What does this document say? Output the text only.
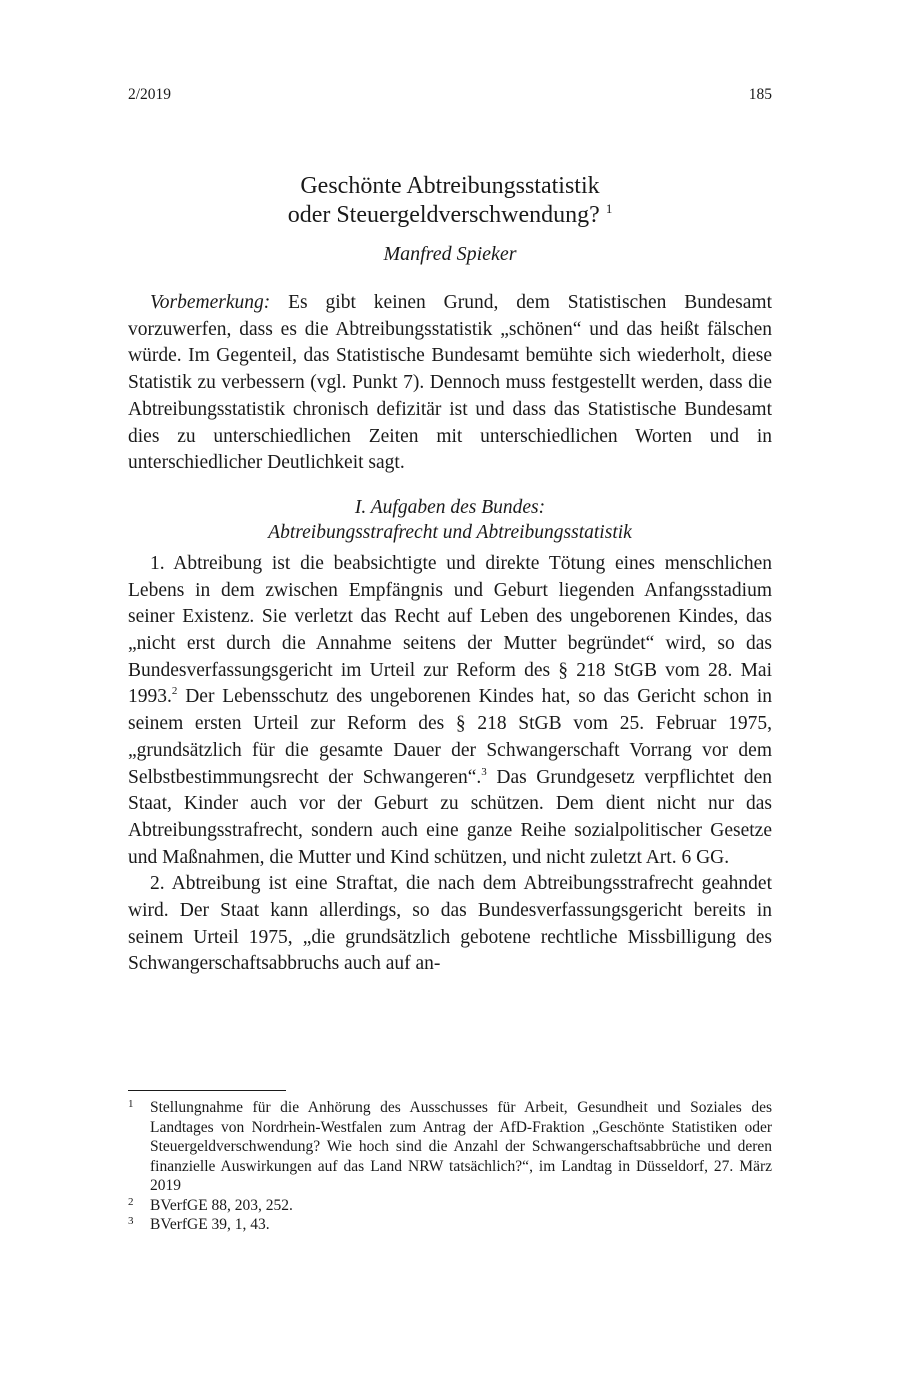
2/2019	185
Geschönte Abtreibungsstatistik
oder Steuergeldverschwendung? $^1$
Manfred Spieker

Vorbemerkung: Es gibt keinen Grund, dem Statistischen Bundesamt vorzuwerfen, dass es die Abtreibungsstatistik „schönen“ und das heißt fälschen würde. Im Gegenteil, das Statistische Bundesamt bemühte sich wiederholt, diese Statistik zu verbessern (vgl. Punkt 7). Dennoch muss festgestellt werden, dass die Abtreibungsstatistik chronisch defizitär ist und dass das Statistische Bundesamt dies zu unterschiedlichen Zeiten mit unterschiedlichen Worten und in unterschiedlicher Deutlichkeit sagt.

I. Aufgaben des Bundes:
Abtreibungsstrafrecht und Abtreibungsstatistik

1. Abtreibung ist die beabsichtigte und direkte Tötung eines menschlichen Lebens in dem zwischen Empfängnis und Geburt liegenden Anfangsstadium seiner Existenz. Sie verletzt das Recht auf Leben des ungeborenen Kindes, das „nicht erst durch die Annahme seitens der Mutter begründet“ wird, so das Bundesverfassungsgericht im Urteil zur Reform des § 218 StGB vom 28. Mai 1993.$^2$ Der Lebensschutz des ungeborenen Kindes hat, so das Gericht schon in seinem ersten Urteil zur Reform des § 218 StGB vom 25. Februar 1975, „grundsätzlich für die gesamte Dauer der Schwangerschaft Vorrang vor dem Selbstbestimmungsrecht der Schwangeren“.$^3$ Das Grundgesetz verpflichtet den Staat, Kinder auch vor der Geburt zu schützen. Dem dient nicht nur das Abtreibungsstrafrecht, sondern auch eine ganze Reihe sozialpolitischer Gesetze und Maßnahmen, die Mutter und Kind schützen, und nicht zuletzt Art. 6 GG.

2. Abtreibung ist eine Straftat, die nach dem Abtreibungsstrafrecht geahndet wird. Der Staat kann allerdings, so das Bundesverfassungsgericht bereits in seinem Urteil 1975, „die grundsätzlich gebotene rechtliche Missbilligung des Schwangerschaftsabbruchs auch auf an-

1 Stellungnahme für die Anhörung des Ausschusses für Arbeit, Gesundheit und Soziales des Landtages von Nordrhein-Westfalen zum Antrag der AfD-Fraktion „Geschönte Statistiken oder Steuergeldverschwendung? Wie hoch sind die Anzahl der Schwangerschaftsabbrüche und deren finanzielle Auswirkungen auf das Land NRW tatsächlich?“, im Landtag in Düsseldorf, 27. März 2019
2 BVerfGE 88, 203, 252.
3 BVerfGE 39, 1, 43.
